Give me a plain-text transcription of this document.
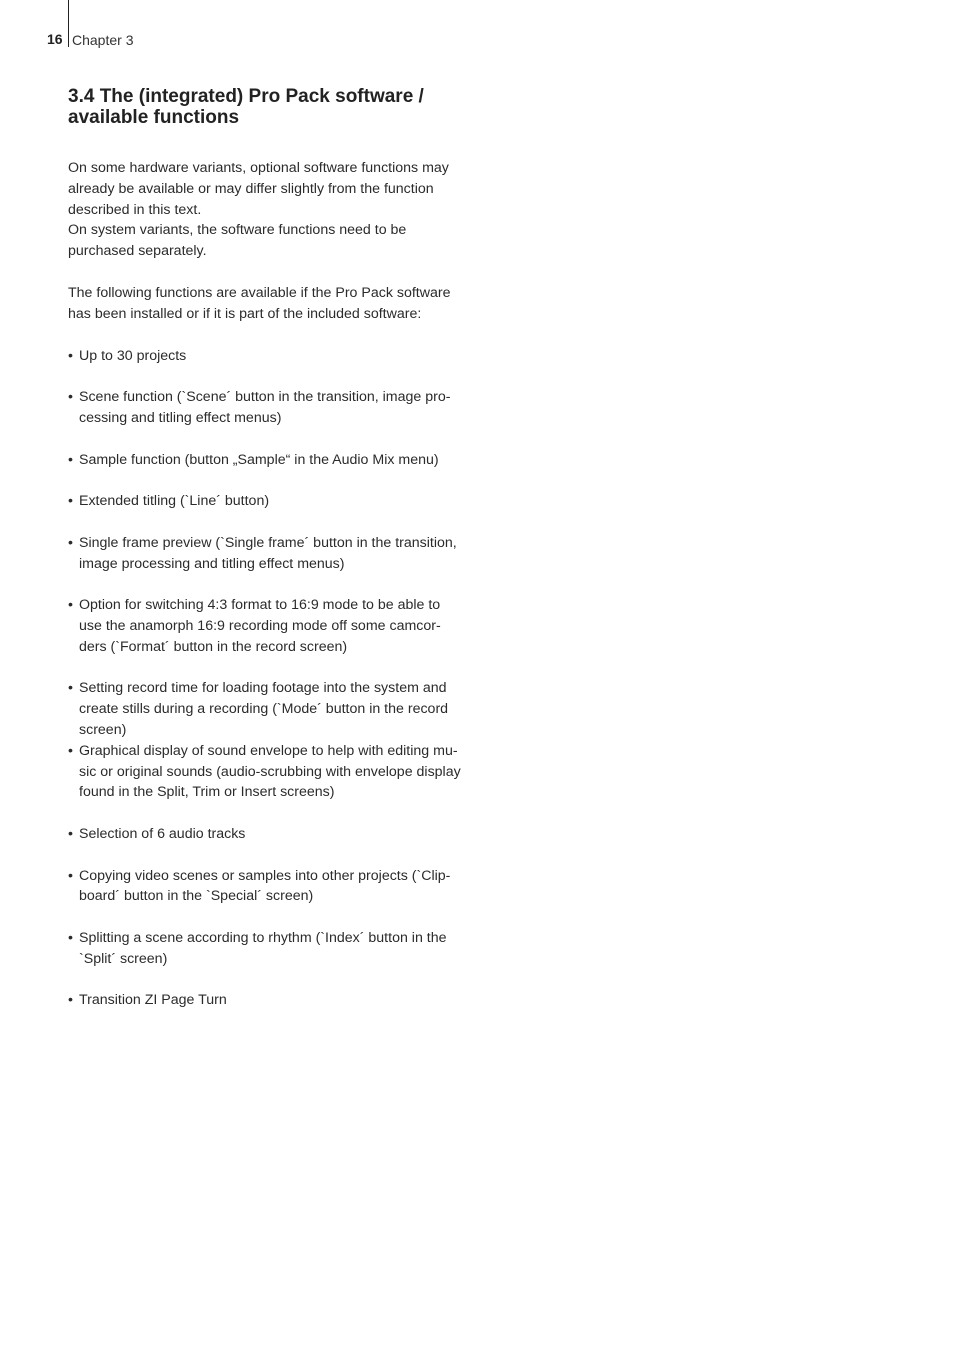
16 Chapter 3
3.4 The (integrated) Pro Pack software /
available functions

On some hardware variants, optional software functions may
already be available or may differ slightly from the function
described in this text.
On system variants, the software functions need to be
purchased separately.

The following functions are available if the Pro Pack software
has been installed or if it is part of the included software:

• Up to 30 projects
• Scene function (`Scene´ button in the transition, image pro-
cessing and titling effect menus)
• Sample function (button „Sample“ in the Audio Mix menu)
• Extended titling (`Line´ button)
• Single frame preview (`Single frame´ button in the transition,
image processing and titling effect menus)
• Option for switching 4:3 format to 16:9 mode to be able to
use the anamorph 16:9 recording mode off some camcor-
ders (`Format´ button in the record screen)
• Setting record time for loading footage into the system and
create stills during a recording (`Mode´ button in the record
screen)
• Graphical display of sound envelope to help with editing mu-
sic or original sounds (audio-scrubbing with envelope display
found in the Split, Trim or Insert screens)
• Selection of 6 audio tracks
• Copying video scenes or samples into other projects (`Clip-
board´ button in the `Special´ screen)
• Splitting a scene according to rhythm (`Index´ button in the
`Split´ screen)
• Transition ZI Page Turn
